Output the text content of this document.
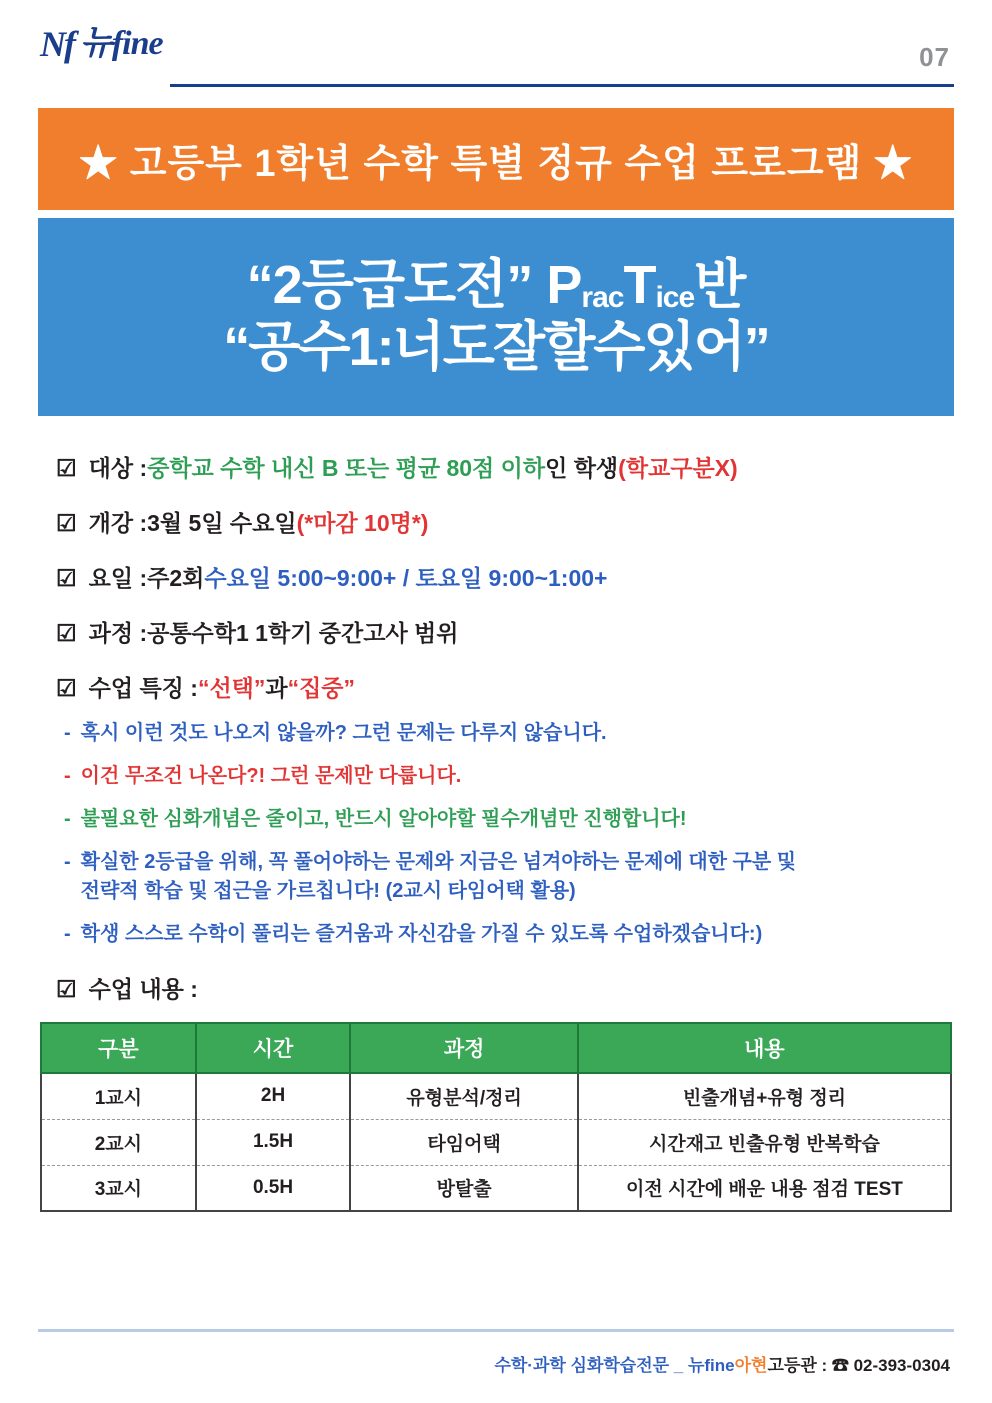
Nf 뉴fine	07
★ 고등부 1학년 수학 특별 정규 수업 프로그램 ★
“2등급도전” $P_{rac}T_{ice}$반
“공수1:너도잘할수있어”
☑ 대상 : 중학교 수학 내신 B 또는 평균 80점 이하 인 학생 (학교구분X)
☑ 개강 : 3월 5일 수요일 (*마감 10명*)
☑ 요일 : 주2회 수요일 5:00~9:00+ / 토요일 9:00~1:00+
☑ 과정 : 공통수학1 1학기 중간고사 범위
☑ 수업 특징 : “선택” 과 “집중”
- 혹시 이런 것도 나오지 않을까? 그런 문제는 다루지 않습니다.
- 이건 무조건 나온다?! 그런 문제만 다룹니다.
- 불필요한 심화개념은 줄이고, 반드시 알아야할 필수개념만 진행합니다!
- 확실한 2등급을 위해, 꼭 풀어야하는 문제와 지금은 넘겨야하는 문제에 대한 구분 및
전략적 학습 및 접근을 가르칩니다! (2교시 타임어택 활용)
- 학생 스스로 수학이 풀리는 즐거움과 자신감을 가질 수 있도록 수업하겠습니다:)
☑ 수업 내용 :
구분	시간	과정	내용
1교시	2H	유형분석/정리	빈출개념+유형 정리
2교시	1.5H	타임어택	시간재고 빈출유형 반복학습
3교시	0.5H	방탈출	이전 시간에 배운 내용 점검 TEST
수학·과학 심화학습전문 _ 뉴fine아현고등관 : ☎ 02-393-0304
